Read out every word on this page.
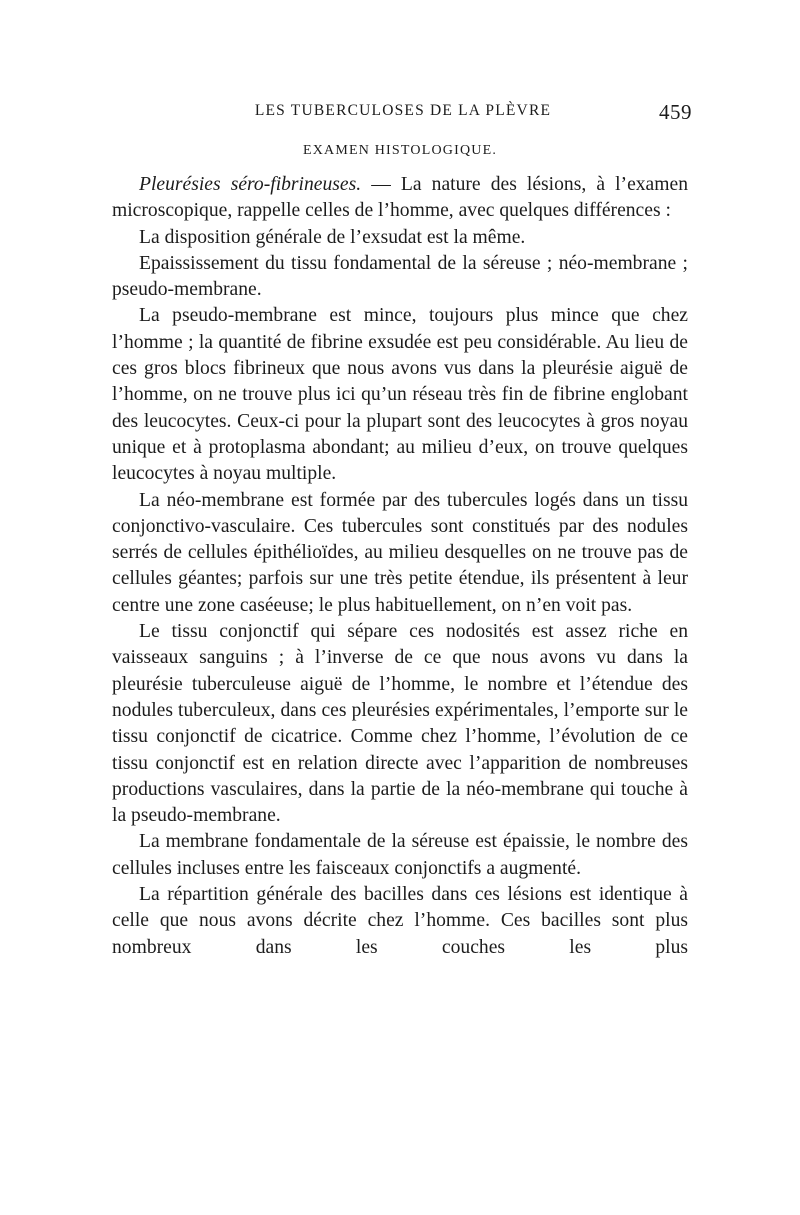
LES TUBERCULOSES DE LA PLÈVRE	459
EXAMEN HISTOLOGIQUE.

Pleurésies séro-fibrineuses. — La nature des lésions, à l’examen microscopique, rappelle celles de l’homme, avec quelques différences :

La disposition générale de l’exsudat est la même.

Epaississement du tissu fondamental de la séreuse ; néo-membrane ; pseudo-membrane.

La pseudo-membrane est mince, toujours plus mince que chez l’homme ; la quantité de fibrine exsudée est peu considérable. Au lieu de ces gros blocs fibrineux que nous avons vus dans la pleurésie aiguë de l’homme, on ne trouve plus ici qu’un réseau très fin de fibrine englobant des leucocytes. Ceux-ci pour la plupart sont des leucocytes à gros noyau unique et à protoplasma abondant; au milieu d’eux, on trouve quelques leucocytes à noyau multiple.

La néo-membrane est formée par des tubercules logés dans un tissu conjonctivo-vasculaire. Ces tubercules sont constitués par des nodules serrés de cellules épithélioïdes, au milieu desquelles on ne trouve pas de cellules géantes; parfois sur une très petite étendue, ils présentent à leur centre une zone caséeuse; le plus habituellement, on n’en voit pas.

Le tissu conjonctif qui sépare ces nodosités est assez riche en vaisseaux sanguins ; à l’inverse de ce que nous avons vu dans la pleurésie tuberculeuse aiguë de l’homme, le nombre et l’étendue des nodules tuberculeux, dans ces pleurésies expérimentales, l’emporte sur le tissu conjonctif de cicatrice. Comme chez l’homme, l’évolution de ce tissu conjonctif est en relation directe avec l’apparition de nombreuses productions vasculaires, dans la partie de la néo-membrane qui touche à la pseudo-membrane.

La membrane fondamentale de la séreuse est épaissie, le nombre des cellules incluses entre les faisceaux conjonctifs a augmenté.

La répartition générale des bacilles dans ces lésions est identique à celle que nous avons décrite chez l’homme. Ces bacilles sont plus nombreux dans les couches les plus
